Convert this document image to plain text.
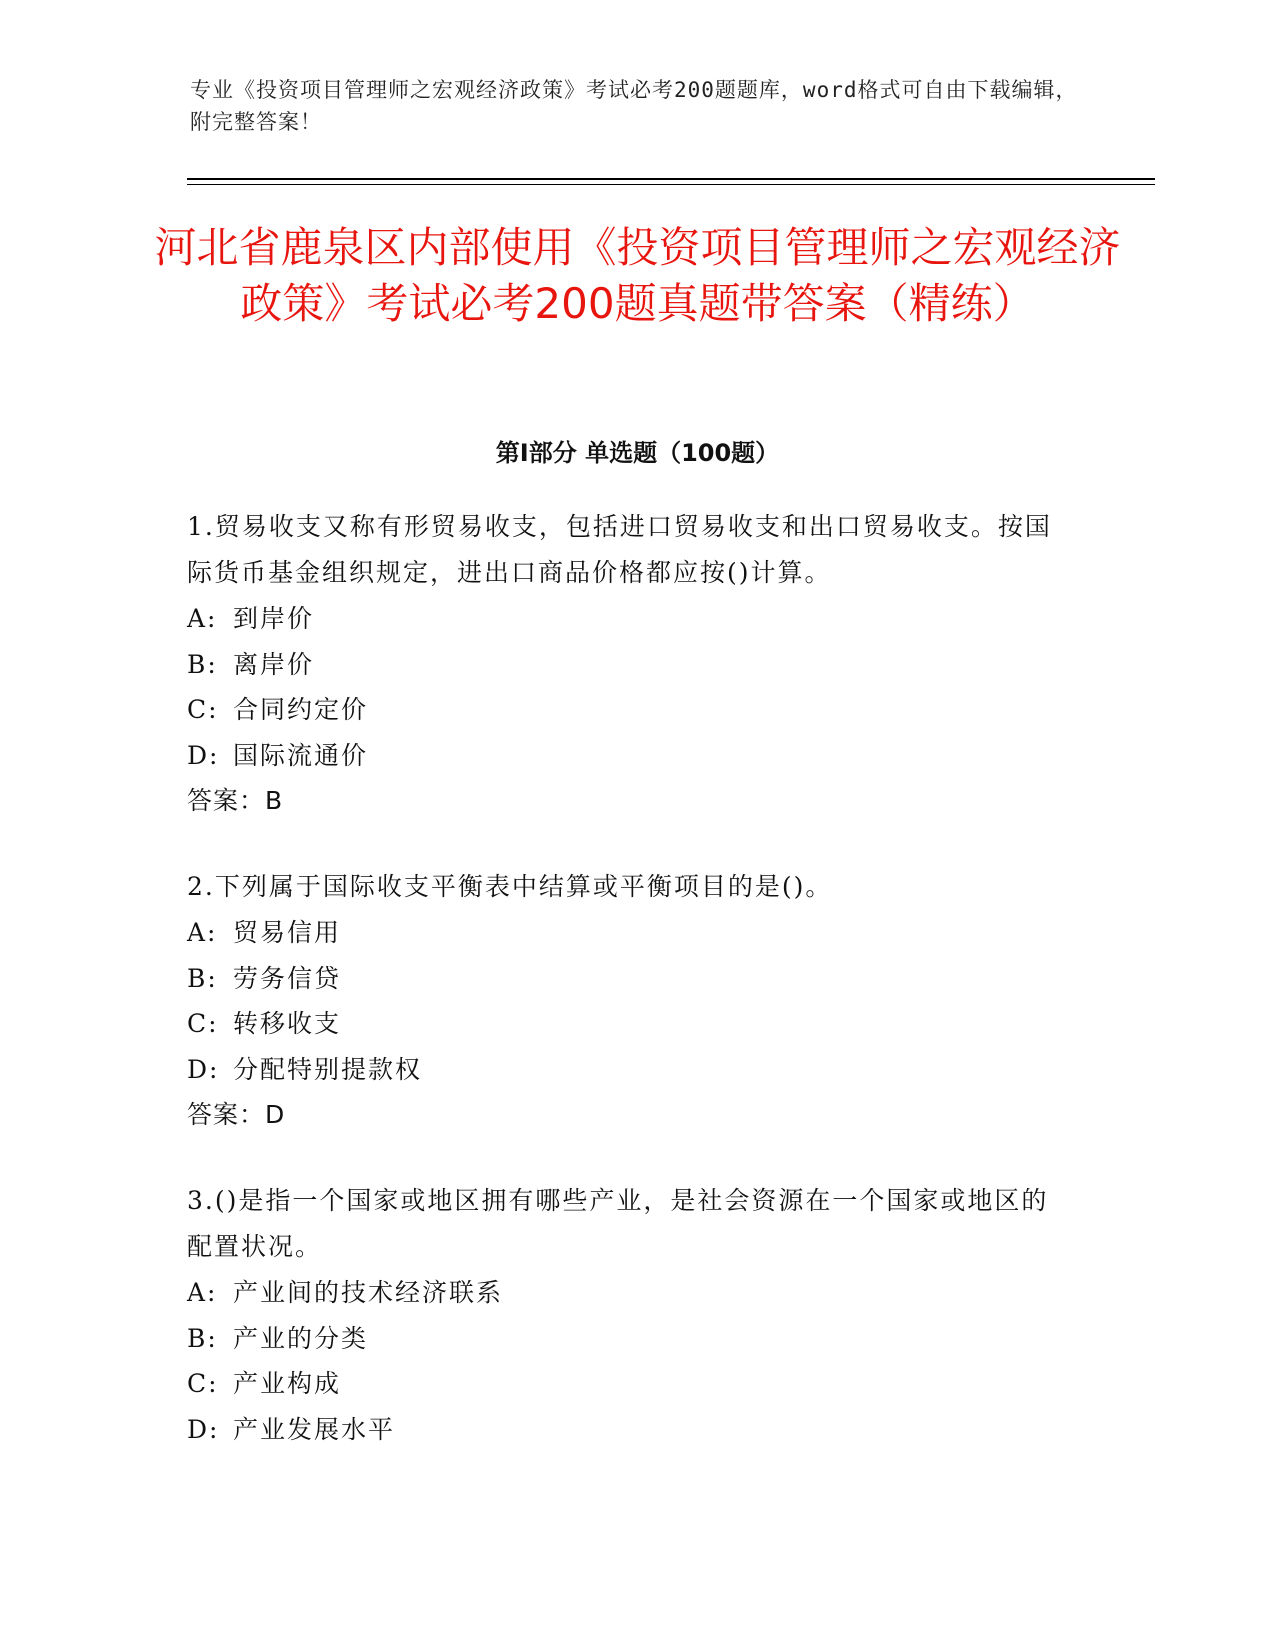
专业《投资项目管理师之宏观经济政策》考试必考200题题库，word格式可自由下载编辑，附完整答案！
河北省鹿泉区内部使用《投资项目管理师之宏观经济政策》考试必考200题真题带答案（精练）
第Ⅰ部分 单选题（100题）

1.贸易收支又称有形贸易收支，包括进口贸易收支和出口贸易收支。按国际货币基金组织规定，进出口商品价格都应按()计算。

A: 到岸价
B: 离岸价
C: 合同约定价
D: 国际流通价
答案：B

2.下列属于国际收支平衡表中结算或平衡项目的是()。

A: 贸易信用
B: 劳务信贷
C: 转移收支
D: 分配特别提款权
答案：D

3.()是指一个国家或地区拥有哪些产业，是社会资源在一个国家或地区的配置状况。

A: 产业间的技术经济联系
B: 产业的分类
C: 产业构成
D: 产业发展水平
